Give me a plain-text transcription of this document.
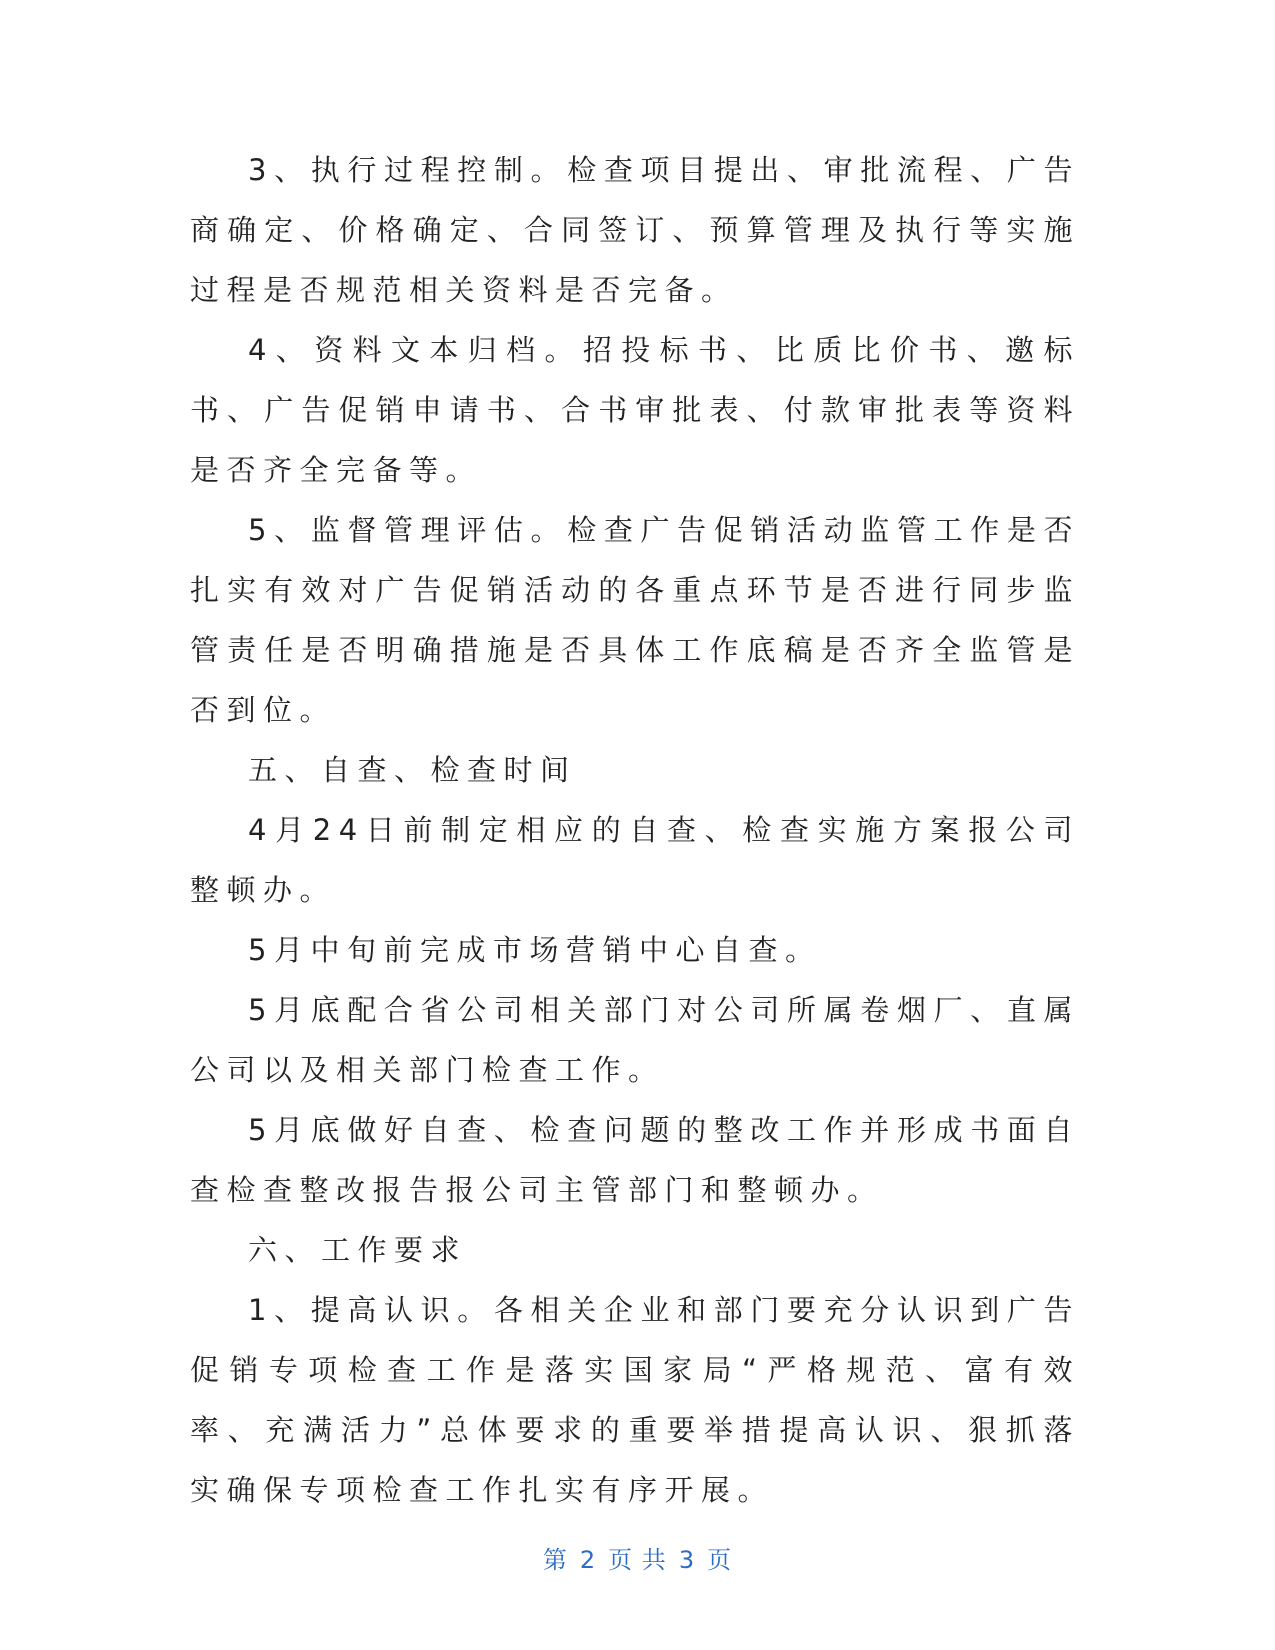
3、执行过程控制。检查项目提出、审批流程、广告商确定、价格确定、合同签订、预算管理及执行等实施过程是否规范相关资料是否完备。

4、资料文本归档。招投标书、比质比价书、邀标书、广告促销申请书、合书审批表、付款审批表等资料是否齐全完备等。

5、监督管理评估。检查广告促销活动监管工作是否扎实有效对广告促销活动的各重点环节是否进行同步监管责任是否明确措施是否具体工作底稿是否齐全监管是否到位。

五、自查、检查时间

4月24日前制定相应的自查、检查实施方案报公司整顿办。

5月中旬前完成市场营销中心自查。

5月底配合省公司相关部门对公司所属卷烟厂、直属公司以及相关部门检查工作。

5月底做好自查、检查问题的整改工作并形成书面自查检查整改报告报公司主管部门和整顿办。

六、工作要求

1、提高认识。各相关企业和部门要充分认识到广告促销专项检查工作是落实国家局“严格规范、富有效率、充满活力”总体要求的重要举措提高认识、狠抓落实确保专项检查工作扎实有序开展。

第 2 页 共 3 页
